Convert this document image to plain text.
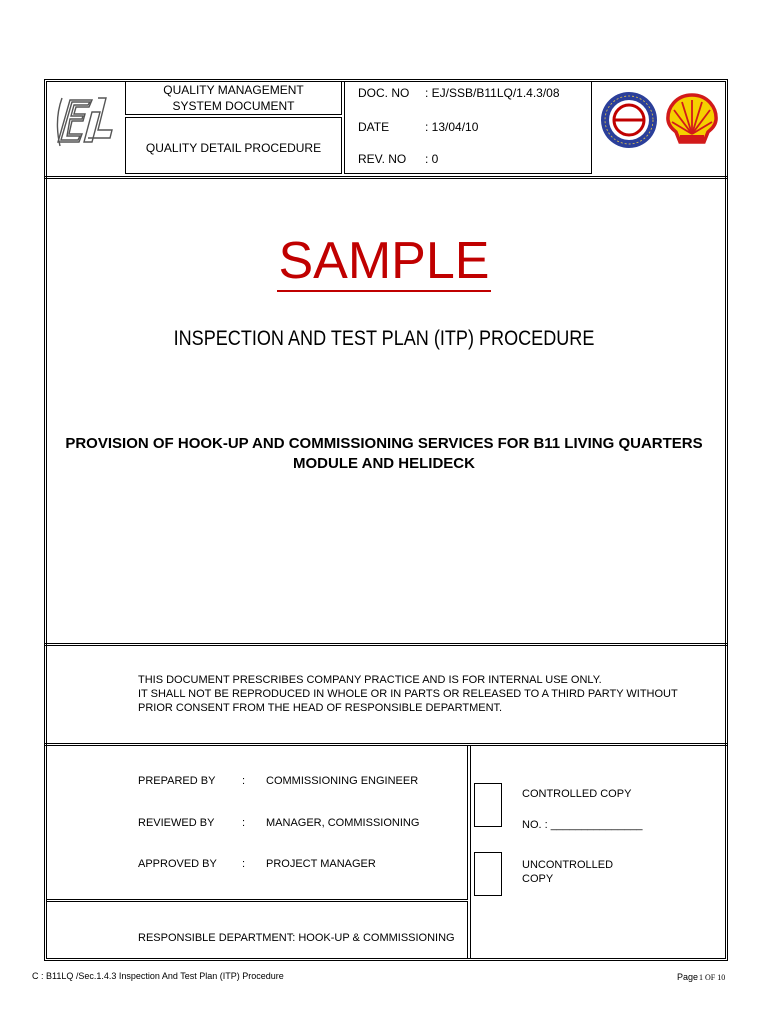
QUALITY MANAGEMENT
SYSTEM DOCUMENT
QUALITY DETAIL PROCEDURE
DOC. NO : EJ/SSB/B11LQ/1.4.3/08
DATE	: 13/04/10
REV. NO : 0
SAMPLE
INSPECTION AND TEST PLAN (ITP) PROCEDURE
PROVISION OF HOOK-UP AND COMMISSIONING SERVICES FOR B11 LIVING QUARTERS MODULE AND HELIDECK
THIS DOCUMENT PRESCRIBES COMPANY PRACTICE AND IS FOR INTERNAL USE ONLY.
IT SHALL NOT BE REPRODUCED IN WHOLE OR IN PARTS OR RELEASED TO A THIRD PARTY WITHOUT
PRIOR CONSENT FROM THE HEAD OF RESPONSIBLE DEPARTMENT.
PREPARED BY : COMMISSIONING ENGINEER
REVIEWED BY	: MANAGER, COMMISSIONING
APPROVED BY : PROJECT MANAGER
RESPONSIBLE DEPARTMENT: HOOK-UP & COMMISSIONING
CONTROLLED COPY
NO. : _______________
UNCONTROLLED
COPY
C : B11LQ /Sec.1.4.3 Inspection And Test Plan (ITP) Procedure	Page 1 OF 10
